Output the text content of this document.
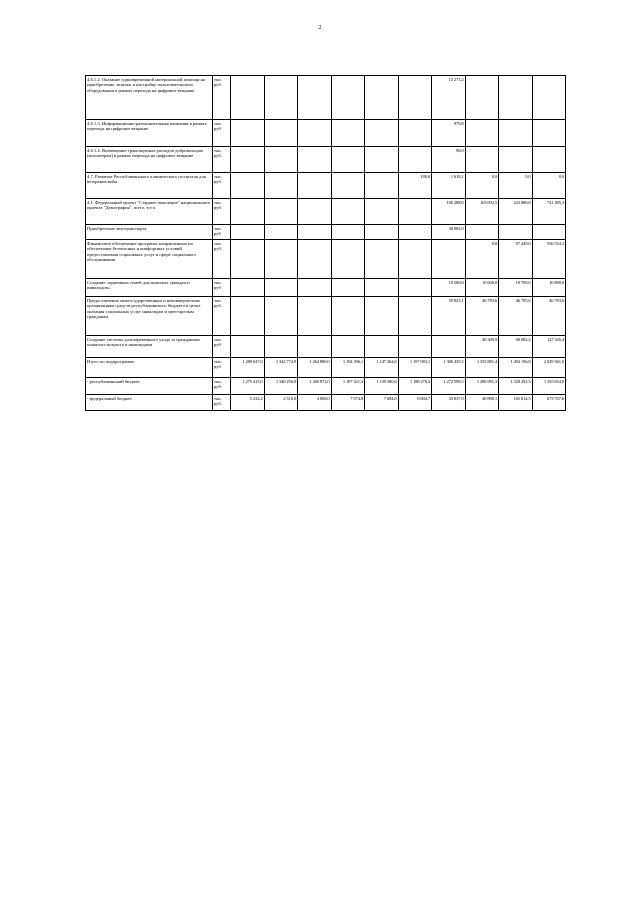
2
4.6.1.2. Оказание единовременной материальной помощи на приобретение, монтаж и настройку пользовательского оборудования в рамках перехода на цифровое вещание	тыс. руб.							15 271,2			
4.6.1.3. Информационно-разъяснительная кампания в рамках перехода на цифровое вещание	тыс. руб							970,8			
4.6.1.4. Возмещение транспортных расходов добровольцам (волонтерам) в рамках перехода на цифровое вещание	тыс. руб.							96,0			
4.7. Развитие Республиканского клинического госпиталя для ветеранов войн	тыс. руб.						180,0	1 618,1	0,0	0,0	0,0
4.1. Федеральный проект "Старшее поколение" национального проекта "Демография", всего, в т.ч.	тыс. руб.							100 288,0	103 692,5	223 086,8	741 485,3
Приобретение автотранспорта	тыс. руб							30 084,9			
Финансовое обеспечение программ, направленных на обеспечение безопасных и комфортных условий предоставления социальных услуг в сфере социального обслуживания	тыс. руб.								0,0	97 449,0	556 554,3
Создание «приемных семей для пожилых граждан и инвалидов»	тыс. руб							10 500,0	10 600,0	10 700,0	10 800,0
Предоставление межгосударственным и некоммерческим организациям средств республиканского бюджета в целях оказания социальных услуг инвалидам и престарелым гражданам	тыс. руб.							59 823,1	46 783,6	46 785,6	46 783,6
Создание системы долговременного ухода за гражданами пожилого возраста и инвалидами	тыс. руб								46 309,9	68 082,2	127 345,4
Итого по подпрограмме:	тыс. руб.	1 280 647,0	1 342 774,9	1 264 880,0	1 194 396,1	1 147 264,6	1 197 083,1	1 306 435,5	1 335 881,4	1 494 196,8	2 029 361,6
- республиканский бюджет	тыс. руб.	1 275 415,0	1 340 256,0	1 260 872,0	1 187 321,3	1 139 580,6	1 188 278,4	1 272 598,5	1 286 991,3	1 328 292,3	1 355 654,0
- федеральный бюджет	тыс. руб.	5 232,2	2 518,0	4 008,0	7 074,8	7 684,0	8 804,7	33 837,0	48 890,1	165 814,5	673 707,6
